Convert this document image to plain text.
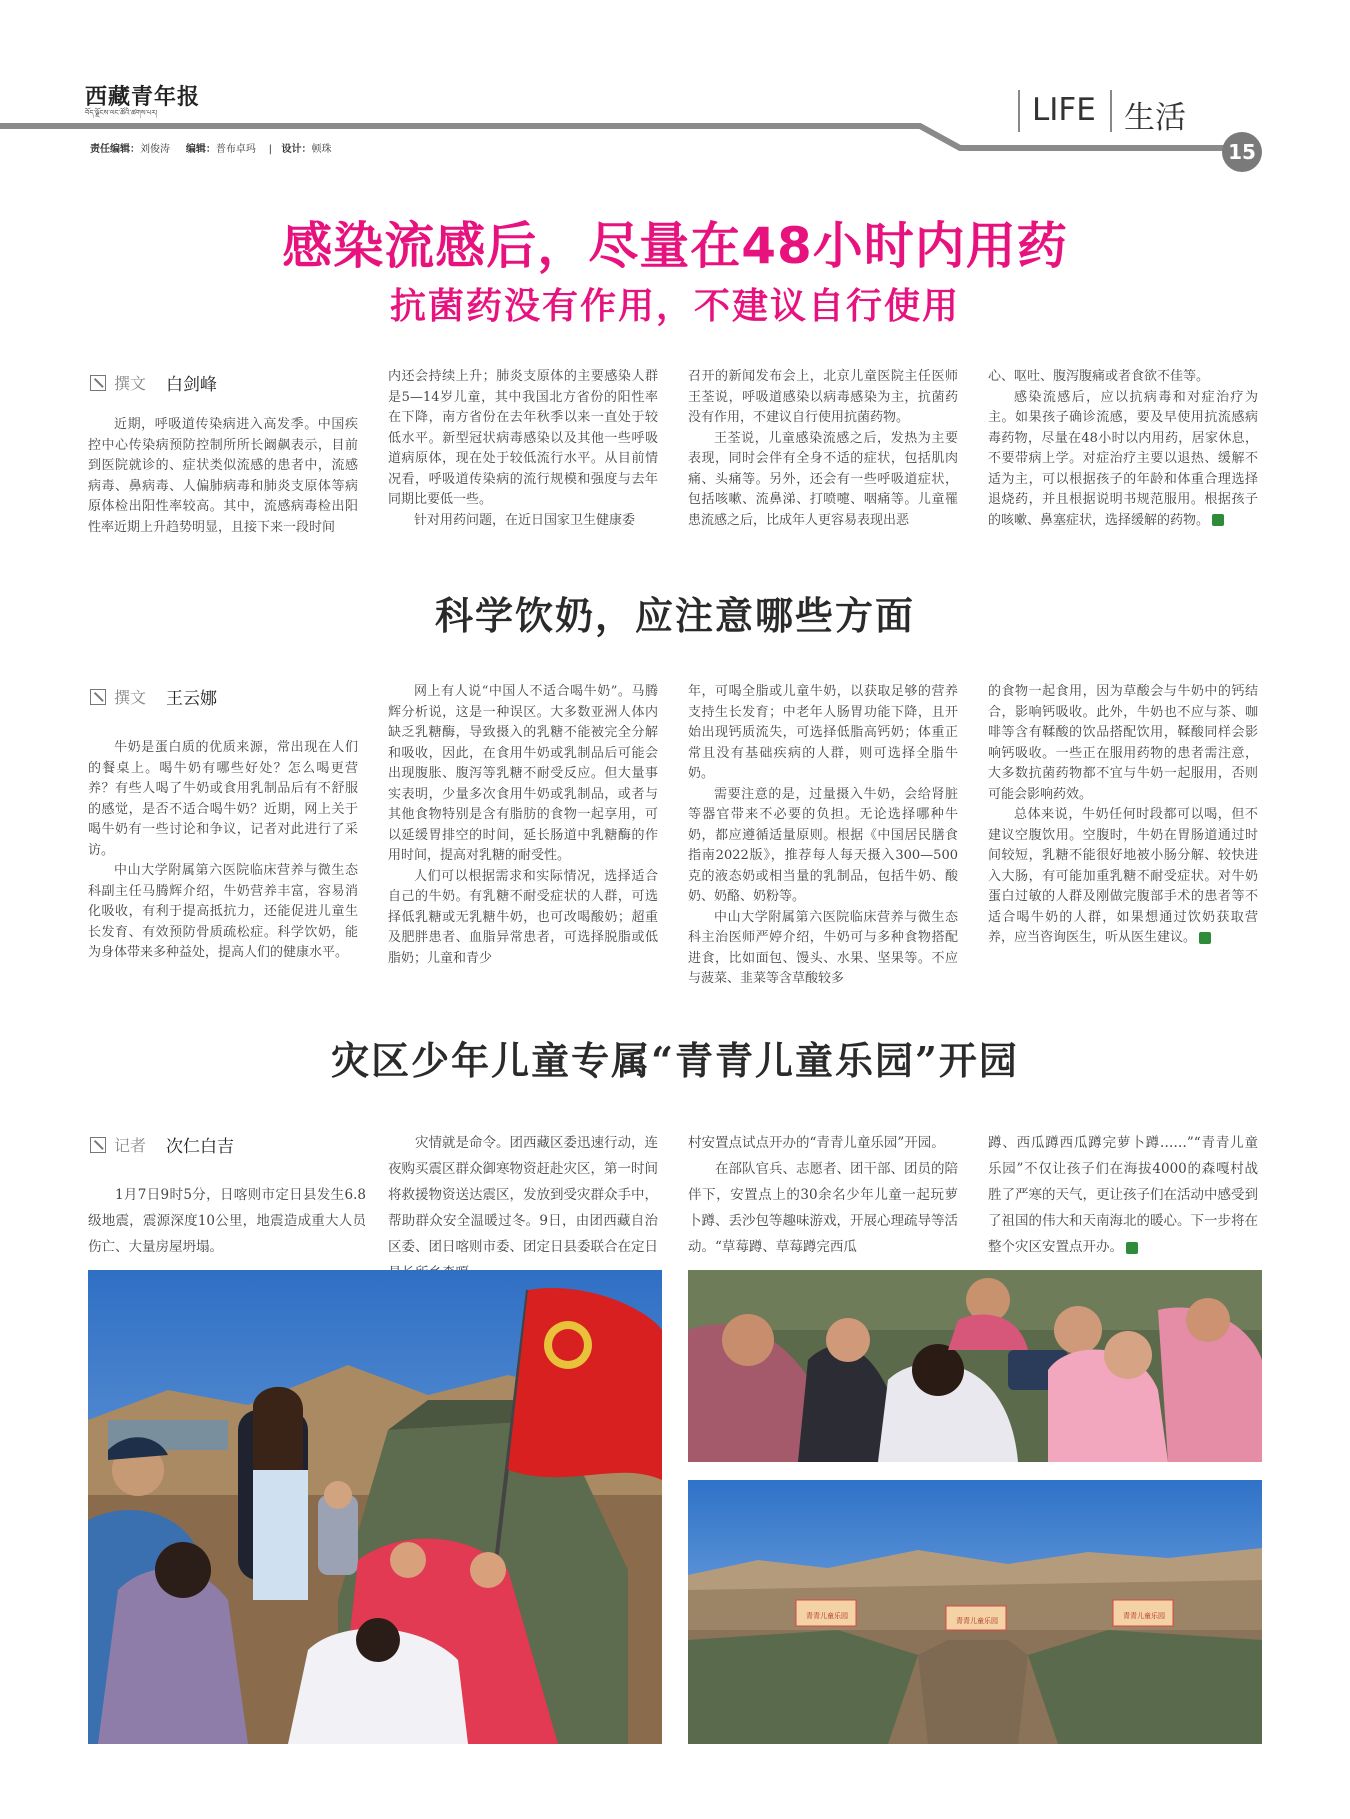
西藏青年报
བོད་ལྗོངས་ལང་ཚོའི་ཚགས་པར།
责任编辑：刘俊涛 编辑：普布卓玛    |   设计：顿珠
LIFE 生活
15
感染流感后，尽量在48小时内用药
抗菌药没有作用，不建议自行使用
撰文 白剑峰

近期，呼吸道传染病进入高发季。中国疾控中心传染病预防控制所所长阚飙表示，目前到医院就诊的、症状类似流感的患者中，流感病毒、鼻病毒、人偏肺病毒和肺炎支原体等病原体检出阳性率较高。其中，流感病毒检出阳性率近期上升趋势明显，且接下来一段时间

内还会持续上升；肺炎支原体的主要感染人群是5—14岁儿童，其中我国北方省份的阳性率在下降，南方省份在去年秋季以来一直处于较低水平。新型冠状病毒感染以及其他一些呼吸道病原体，现在处于较低流行水平。从目前情况看，呼吸道传染病的流行规模和强度与去年同期比要低一些。

针对用药问题，在近日国家卫生健康委

召开的新闻发布会上，北京儿童医院主任医师王荃说，呼吸道感染以病毒感染为主，抗菌药没有作用，不建议自行使用抗菌药物。

王荃说，儿童感染流感之后，发热为主要表现，同时会伴有全身不适的症状，包括肌肉痛、头痛等。另外，还会有一些呼吸道症状，包括咳嗽、流鼻涕、打喷嚏、咽痛等。儿童罹患流感之后，比成年人更容易表现出恶

心、呕吐、腹泻腹痛或者食欲不佳等。

感染流感后，应以抗病毒和对症治疗为主。如果孩子确诊流感，要及早使用抗流感病毒药物，尽量在48小时以内用药，居家休息，不要带病上学。对症治疗主要以退热、缓解不适为主，可以根据孩子的年龄和体重合理选择退烧药，并且根据说明书规范服用。根据孩子的咳嗽、鼻塞症状，选择缓解的药物。

科学饮奶，应注意哪些方面
撰文 王云娜

牛奶是蛋白质的优质来源，常出现在人们的餐桌上。喝牛奶有哪些好处？怎么喝更营养？有些人喝了牛奶或食用乳制品后有不舒服的感觉，是否不适合喝牛奶？近期，网上关于喝牛奶有一些讨论和争议，记者对此进行了采访。

中山大学附属第六医院临床营养与微生态科副主任马腾辉介绍，牛奶营养丰富，容易消化吸收，有利于提高抵抗力，还能促进儿童生长发育、有效预防骨质疏松症。科学饮奶，能为身体带来多种益处，提高人们的健康水平。

网上有人说“中国人不适合喝牛奶”。马腾辉分析说，这是一种误区。大多数亚洲人体内缺乏乳糖酶，导致摄入的乳糖不能被完全分解和吸收，因此，在食用牛奶或乳制品后可能会出现腹胀、腹泻等乳糖不耐受反应。但大量事实表明，少量多次食用牛奶或乳制品，或者与其他食物特别是含有脂肪的食物一起享用，可以延缓胃排空的时间，延长肠道中乳糖酶的作用时间，提高对乳糖的耐受性。

人们可以根据需求和实际情况，选择适合自己的牛奶。有乳糖不耐受症状的人群，可选择低乳糖或无乳糖牛奶，也可改喝酸奶；超重及肥胖患者、血脂异常患者，可选择脱脂或低脂奶；儿童和青少

年，可喝全脂或儿童牛奶，以获取足够的营养支持生长发育；中老年人肠胃功能下降，且开始出现钙质流失，可选择低脂高钙奶；体重正常且没有基础疾病的人群，则可选择全脂牛奶。

需要注意的是，过量摄入牛奶，会给肾脏等器官带来不必要的负担。无论选择哪种牛奶，都应遵循适量原则。根据《中国居民膳食指南2022版》，推荐每人每天摄入300—500克的液态奶或相当量的乳制品，包括牛奶、酸奶、奶酪、奶粉等。

中山大学附属第六医院临床营养与微生态科主治医师严婷介绍，牛奶可与多种食物搭配进食，比如面包、馒头、水果、坚果等。不应与菠菜、韭菜等含草酸较多

的食物一起食用，因为草酸会与牛奶中的钙结合，影响钙吸收。此外，牛奶也不应与茶、咖啡等含有鞣酸的饮品搭配饮用，鞣酸同样会影响钙吸收。一些正在服用药物的患者需注意，大多数抗菌药物都不宜与牛奶一起服用，否则可能会影响药效。

总体来说，牛奶任何时段都可以喝，但不建议空腹饮用。空腹时，牛奶在胃肠道通过时间较短，乳糖不能很好地被小肠分解、较快进入大肠，有可能加重乳糖不耐受症状。对牛奶蛋白过敏的人群及刚做完腹部手术的患者等不适合喝牛奶的人群，如果想通过饮奶获取营养，应当咨询医生，听从医生建议。

灾区少年儿童专属“青青儿童乐园”开园
记者 次仁白吉

1月7日9时5分，日喀则市定日县发生6.8级地震，震源深度10公里，地震造成重大人员伤亡、大量房屋坍塌。

灾情就是命令。团西藏区委迅速行动，连夜购买震区群众御寒物资赶赴灾区，第一时间将救援物资送达震区，发放到受灾群众手中，帮助群众安全温暖过冬。9日，由团西藏自治区委、团日喀则市委、团定日县委联合在定日

村安置点试点开办的“青青儿童乐园”开园。

在部队官兵、志愿者、团干部、团员的陪伴下，安置点上的30余名少年儿童一起玩萝卜蹲、丢沙包等趣味游戏，开展心理疏导等活动。“草莓蹲、草莓蹲完西瓜

蹲、西瓜蹲西瓜蹲完萝卜蹲……”“青青儿童乐园”不仅让孩子们在海拔4000的森嘎村战胜了严寒的天气，更让孩子们在活动中感受到了祖国的伟大和天南海北的暖心。下一步将在整个灾区安置点开办。

青青儿童乐园
青青儿童乐园
青青儿童乐园
